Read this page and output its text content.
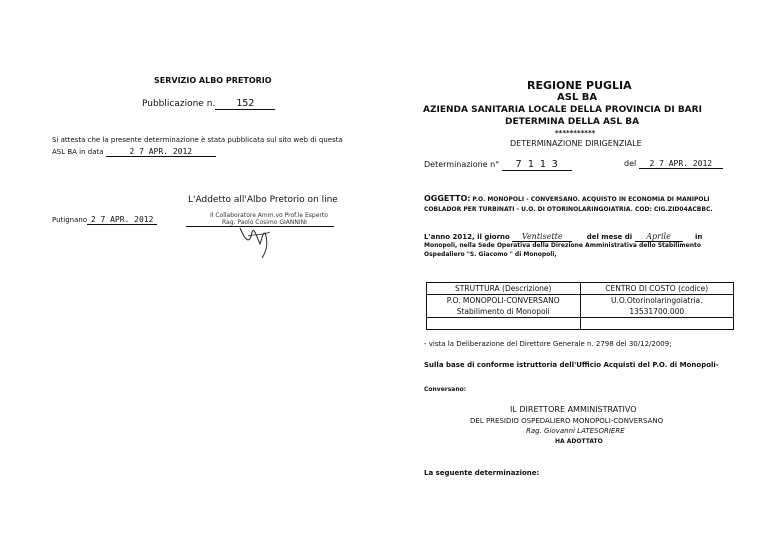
SERVIZIO ALBO PRETORIO
Pubblicazione n. 152
Si attesta che la presente determinazione è stata pubblicata sul sito web di questa
ASL BA in data	2 7 APR. 2012
L'Addetto all'Albo Pretorio on line
Putignano 2 7 APR. 2012	Il Collaboratore Amm.vo Prof.le Esperto
Rag. Paolo Cosimo GIANNINI
REGIONE PUGLIA
ASL BA
AZIENDA SANITARIA LOCALE DELLA PROVINCIA DI BARI
DETERMINA DELLA ASL BA
***********
DETERMINAZIONE DIRIGENZIALE
Determinazione n° 7 1 1 3	del 2 7 APR. 2012
OGGETTO: P.O. MONOPOLI - CONVERSANO. ACQUISTO IN ECONOMIA DI MANIPOLI
COBLADOR PER TURBINATI - U.O. DI OTORINOLARINGOIATRIA. COD: CIG.ZID04ACBBC.
L'anno 2012, il giorno Ventisette	del mese di Aprile	in
Monopoli, nella Sede Operativa della Direzione Amministrativa dello Stabilimento
Ospedaliero "S. Giacomo " di Monopoli,
STRUTTURA (Descrizione)	CENTRO DI COSTO (codice)
P.O. MONOPOLI-CONVERSANO	U.O.Otorinolaringoiatria.
Stabilimento di Monopoli	13531700.000

- vista la Deliberazione del Direttore Generale n. 2798 del 30/12/2009;
Sulla base di conforme istruttoria dell'Ufficio Acquisti del P.O. di Monopoli-
Conversano:
IL DIRETTORE AMMINISTRATIVO
DEL PRESIDIO OSPEDALIERO MONOPOLI-CONVERSANO
Rag. Giovanni LATESORIERE
HA ADOTTATO
La seguente determinazione:
